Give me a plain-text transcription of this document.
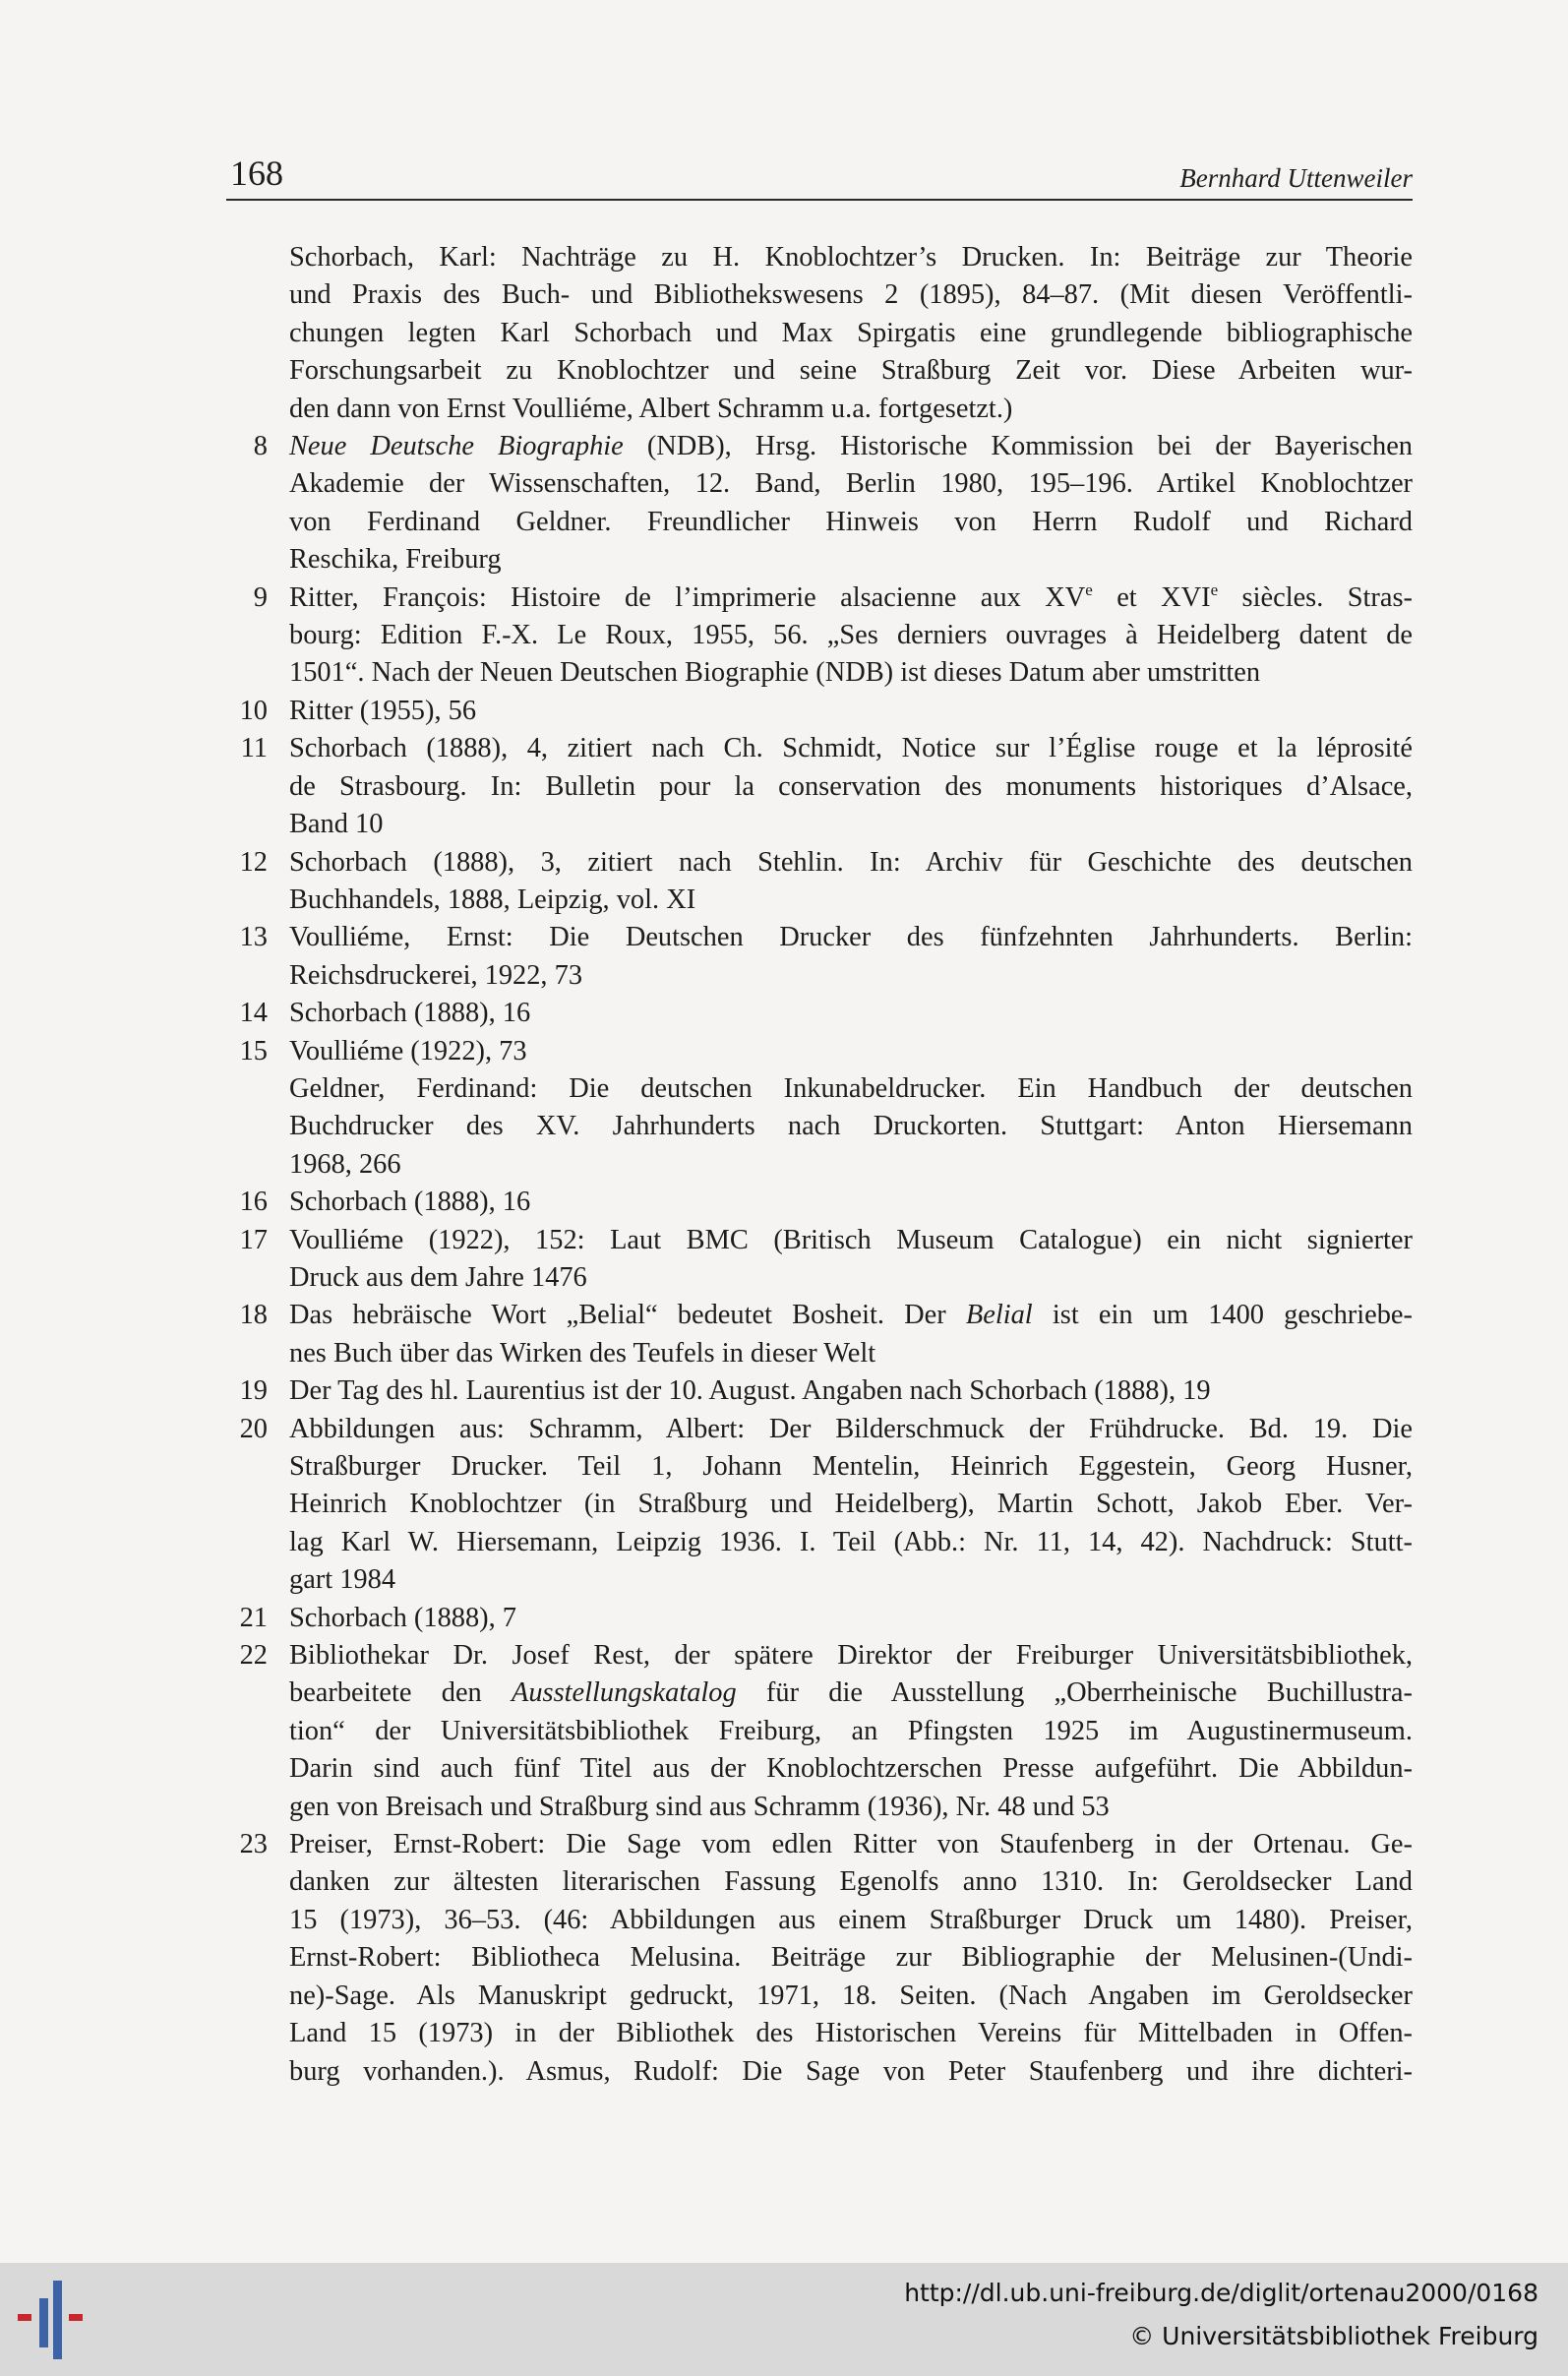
168	Bernhard Uttenweiler
Schorbach, Karl: Nachträge zu H. Knoblochtzer’s Drucken. In: Beiträge zur Theorie
und Praxis des Buch- und Bibliothekswesens 2 (1895), 84–87. (Mit diesen Veröffentli-
chungen legten Karl Schorbach und Max Spirgatis eine grundlegende bibliographische
Forschungsarbeit zu Knoblochtzer und seine Straßburg Zeit vor. Diese Arbeiten wur-
den dann von Ernst Voulliéme, Albert Schramm u.a. fortgesetzt.)
8 Neue Deutsche Biographie (NDB), Hrsg. Historische Kommission bei der Bayerischen
Akademie der Wissenschaften, 12. Band, Berlin 1980, 195–196. Artikel Knoblochtzer
von Ferdinand Geldner. Freundlicher Hinweis von Herrn Rudolf und Richard
Reschika, Freiburg
9 Ritter, François: Histoire de l’imprimerie alsacienne aux XVe et XVIe siècles. Stras-
bourg: Edition F.-X. Le Roux, 1955, 56. „Ses derniers ouvrages à Heidelberg datent de
1501“. Nach der Neuen Deutschen Biographie (NDB) ist dieses Datum aber umstritten
10 Ritter (1955), 56
11 Schorbach (1888), 4, zitiert nach Ch. Schmidt, Notice sur l’Église rouge et la léprosité
de Strasbourg. In: Bulletin pour la conservation des monuments historiques d’Alsace,
Band 10
12 Schorbach (1888), 3, zitiert nach Stehlin. In: Archiv für Geschichte des deutschen
Buchhandels, 1888, Leipzig, vol. XI
13 Voulliéme, Ernst: Die Deutschen Drucker des fünfzehnten Jahrhunderts. Berlin:
Reichsdruckerei, 1922, 73
14 Schorbach (1888), 16
15 Voulliéme (1922), 73
Geldner, Ferdinand: Die deutschen Inkunabeldrucker. Ein Handbuch der deutschen
Buchdrucker des XV. Jahrhunderts nach Druckorten. Stuttgart: Anton Hiersemann
1968, 266
16 Schorbach (1888), 16
17 Voulliéme (1922), 152: Laut BMC (Britisch Museum Catalogue) ein nicht signierter
Druck aus dem Jahre 1476
18 Das hebräische Wort „Belial“ bedeutet Bosheit. Der Belial ist ein um 1400 geschriebe-
nes Buch über das Wirken des Teufels in dieser Welt
19 Der Tag des hl. Laurentius ist der 10. August. Angaben nach Schorbach (1888), 19
20 Abbildungen aus: Schramm, Albert: Der Bilderschmuck der Frühdrucke. Bd. 19. Die
Straßburger Drucker. Teil 1, Johann Mentelin, Heinrich Eggestein, Georg Husner,
Heinrich Knoblochtzer (in Straßburg und Heidelberg), Martin Schott, Jakob Eber. Ver-
lag Karl W. Hiersemann, Leipzig 1936. I. Teil (Abb.: Nr. 11, 14, 42). Nachdruck: Stutt-
gart 1984
21 Schorbach (1888), 7
22 Bibliothekar Dr. Josef Rest, der spätere Direktor der Freiburger Universitätsbibliothek,
bearbeitete den Ausstellungskatalog für die Ausstellung „Oberrheinische Buchillustra-
tion“ der Universitätsbibliothek Freiburg, an Pfingsten 1925 im Augustinermuseum.
Darin sind auch fünf Titel aus der Knoblochtzerschen Presse aufgeführt. Die Abbildun-
gen von Breisach und Straßburg sind aus Schramm (1936), Nr. 48 und 53
23 Preiser, Ernst-Robert: Die Sage vom edlen Ritter von Staufenberg in der Ortenau. Ge-
danken zur ältesten literarischen Fassung Egenolfs anno 1310. In: Geroldsecker Land
15 (1973), 36–53. (46: Abbildungen aus einem Straßburger Druck um 1480). Preiser,
Ernst-Robert: Bibliotheca Melusina. Beiträge zur Bibliographie der Melusinen-(Undi-
ne)-Sage. Als Manuskript gedruckt, 1971, 18. Seiten. (Nach Angaben im Geroldsecker
Land 15 (1973) in der Bibliothek des Historischen Vereins für Mittelbaden in Offen-
burg vorhanden.). Asmus, Rudolf: Die Sage von Peter Staufenberg und ihre dichteri-
http://dl.ub.uni-freiburg.de/diglit/ortenau2000/0168
© Universitätsbibliothek Freiburg
